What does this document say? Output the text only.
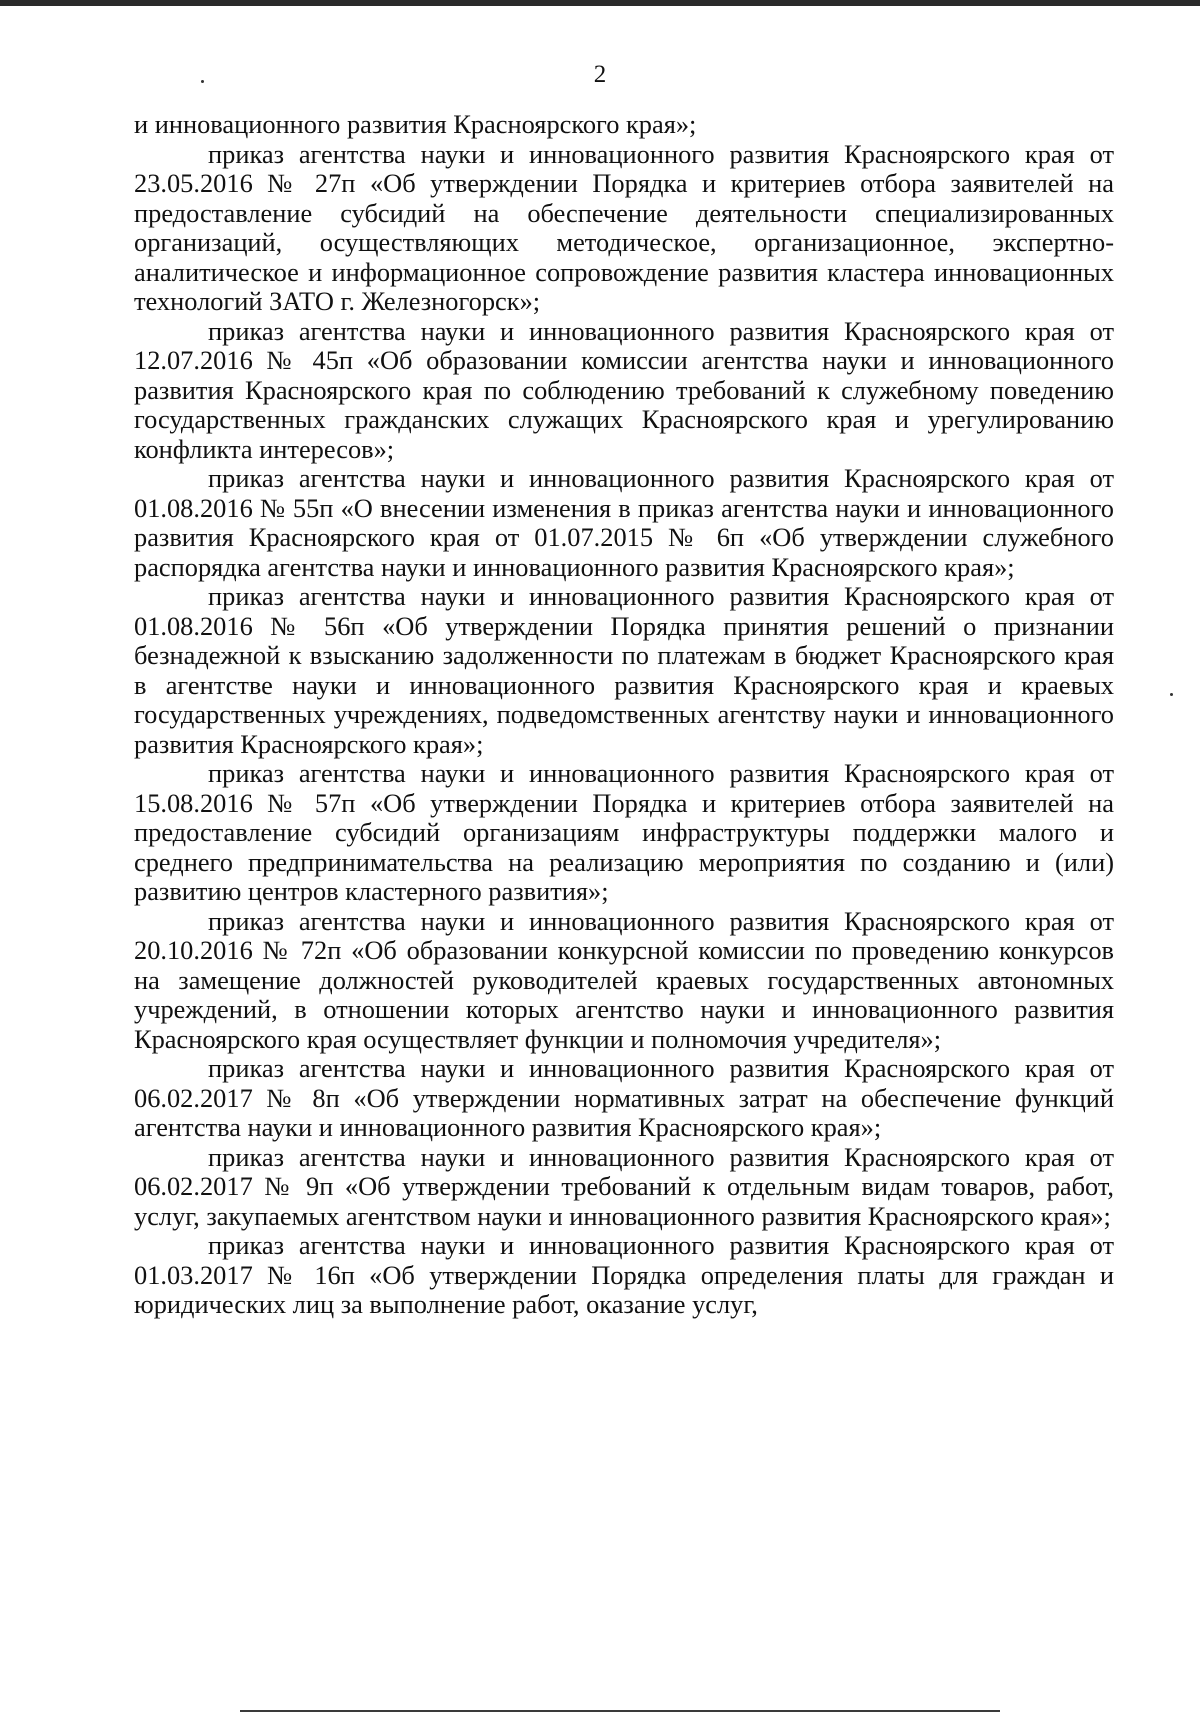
2

и инновационного развития Красноярского края»;

приказ агентства науки и инновационного развития Красноярского края от 23.05.2016 № 27п «Об утверждении Порядка и критериев отбора заявителей на предоставление субсидий на обеспечение деятельности специализированных организаций, осуществляющих методическое, организационное, экспертно-аналитическое и информационное сопровождение развития кластера инновационных технологий ЗАТО г. Железногорск»;

приказ агентства науки и инновационного развития Красноярского края от 12.07.2016 № 45п «Об образовании комиссии агентства науки и инновационного развития Красноярского края по соблюдению требований к служебному поведению государственных гражданских служащих Красноярского края и урегулированию конфликта интересов»;

приказ агентства науки и инновационного развития Красноярского края от 01.08.2016 № 55п «О внесении изменения в приказ агентства науки и инновационного развития Красноярского края от 01.07.2015 № 6п «Об утверждении служебного распорядка агентства науки и инновационного развития Красноярского края»;

приказ агентства науки и инновационного развития Красноярского края от 01.08.2016 № 56п «Об утверждении Порядка принятия решений о признании безнадежной к взысканию задолженности по платежам в бюджет Красноярского края в агентстве науки и инновационного развития Красноярского края и краевых государственных учреждениях, подведомственных агентству науки и инновационного развития Красноярского края»;

приказ агентства науки и инновационного развития Красноярского края от 15.08.2016 № 57п «Об утверждении Порядка и критериев отбора заявителей на предоставление субсидий организациям инфраструктуры поддержки малого и среднего предпринимательства на реализацию мероприятия по созданию и (или) развитию центров кластерного развития»;

приказ агентства науки и инновационного развития Красноярского края от 20.10.2016 № 72п «Об образовании конкурсной комиссии по проведению конкурсов на замещение должностей руководителей краевых государственных автономных учреждений, в отношении которых агентство науки и инновационного развития Красноярского края осуществляет функции и полномочия учредителя»;

приказ агентства науки и инновационного развития Красноярского края от 06.02.2017 № 8п «Об утверждении нормативных затрат на обеспечение функций агентства науки и инновационного развития Красноярского края»;

приказ агентства науки и инновационного развития Красноярского края от 06.02.2017 № 9п «Об утверждении требований к отдельным видам товаров, работ, услуг, закупаемых агентством науки и инновационного развития Красноярского края»;

приказ агентства науки и инновационного развития Красноярского края от 01.03.2017 № 16п «Об утверждении Порядка определения платы для граждан и юридических лиц за выполнение работ, оказание услуг,
